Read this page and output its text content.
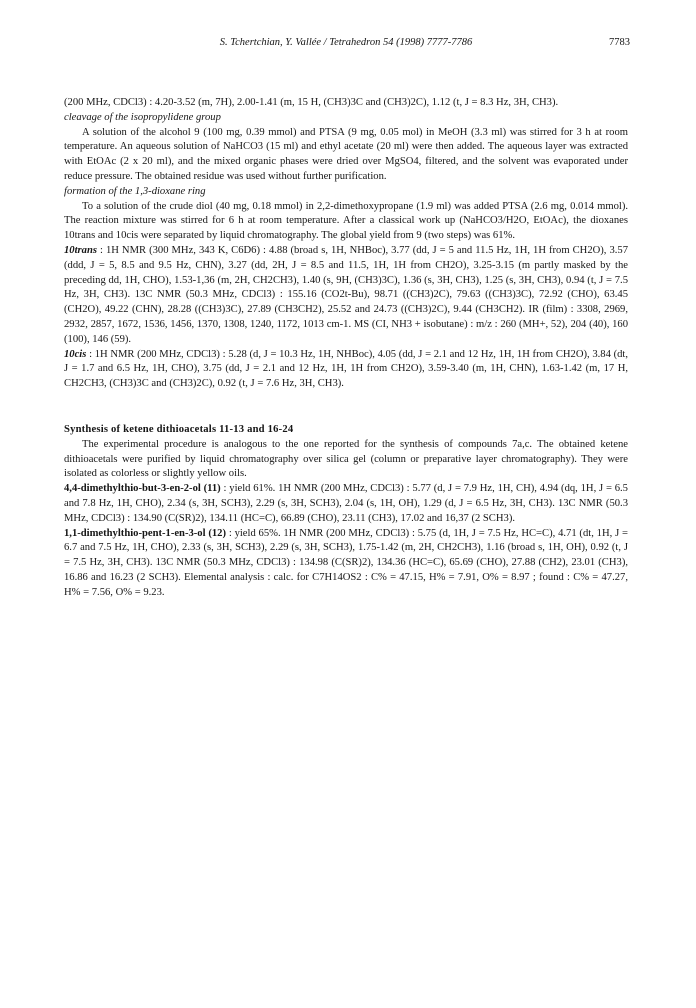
S. Tchertchian, Y. Vallée / Tetrahedron 54 (1998) 7777-7786	7783

(200 MHz, CDCl3) : 4.20-3.52 (m, 7H), 2.00-1.41 (m, 15 H, (CH3)3C and (CH3)2C), 1.12 (t, J = 8.3 Hz, 3H, CH3).

cleavage of the isopropylidene group

A solution of the alcohol 9 (100 mg, 0.39 mmol) and PTSA (9 mg, 0.05 mol) in MeOH (3.3 ml) was stirred for 3 h at room temperature. An aqueous solution of NaHCO3 (15 ml) and ethyl acetate (20 ml) were then added. The aqueous layer was extracted with EtOAc (2 x 20 ml), and the mixed organic phases were dried over MgSO4, filtered, and the solvent was evaporated under reduce pressure. The obtained residue was used without further purification.

formation of the 1,3-dioxane ring

To a solution of the crude diol (40 mg, 0.18 mmol) in 2,2-dimethoxypropane (1.9 ml) was added PTSA (2.6 mg, 0.014 mmol). The reaction mixture was stirred for 6 h at room temperature. After a classical work up (NaHCO3/H2O, EtOAc), the dioxanes 10trans and 10cis were separated by liquid chromatography. The global yield from 9 (two steps) was 61%.

10trans : 1H NMR (300 MHz, 343 K, C6D6) : 4.88 (broad s, 1H, NHBoc), 3.77 (dd, J = 5 and 11.5 Hz, 1H, 1H from CH2O), 3.57 (ddd, J = 5, 8.5 and 9.5 Hz, CHN), 3.27 (dd, 2H, J = 8.5 and 11.5, 1H, 1H from CH2O), 3.25-3.15 (m partly masked by the preceding dd, 1H, CHO), 1.53-1,36 (m, 2H, CH2CH3), 1.40 (s, 9H, (CH3)3C), 1.36 (s, 3H, CH3), 1.25 (s, 3H, CH3), 0.94 (t, J = 7.5 Hz, 3H, CH3). 13C NMR (50.3 MHz, CDCl3) : 155.16 (CO2t-Bu), 98.71 ((CH3)2C), 79.63 ((CH3)3C), 72.92 (CHO), 63.45 (CH2O), 49.22 (CHN), 28.28 ((CH3)3C), 27.89 (CH3CH2), 25.52 and 24.73 ((CH3)2C), 9.44 (CH3CH2). IR (film) : 3308, 2969, 2932, 2857, 1672, 1536, 1456, 1370, 1308, 1240, 1172, 1013 cm-1. MS (CI, NH3 + isobutane) : m/z : 260 (MH+, 52), 204 (40), 160 (100), 146 (59).

10cis : 1H NMR (200 MHz, CDCl3) : 5.28 (d, J = 10.3 Hz, 1H, NHBoc), 4.05 (dd, J = 2.1 and 12 Hz, 1H, 1H from CH2O), 3.84 (dt, J = 1.7 and 6.5 Hz, 1H, CHO), 3.75 (dd, J = 2.1 and 12 Hz, 1H, 1H from CH2O), 3.59-3.40 (m, 1H, CHN), 1.63-1.42 (m, 17 H, CH2CH3, (CH3)3C and (CH3)2C), 0.92 (t, J = 7.6 Hz, 3H, CH3).

Synthesis of ketene dithioacetals 11-13 and 16-24

The experimental procedure is analogous to the one reported for the synthesis of compounds 7a,c. The obtained ketene dithioacetals were purified by liquid chromatography over silica gel (column or preparative layer chromatography). They were isolated as colorless or slightly yellow oils.

4,4-dimethylthio-but-3-en-2-ol (11) : yield 61%. 1H NMR (200 MHz, CDCl3) : 5.77 (d, J = 7.9 Hz, 1H, CH), 4.94 (dq, 1H, J = 6.5 and 7.8 Hz, 1H, CHO), 2.34 (s, 3H, SCH3), 2.29 (s, 3H, SCH3), 2.04 (s, 1H, OH), 1.29 (d, J = 6.5 Hz, 3H, CH3). 13C NMR (50.3 MHz, CDCl3) : 134.90 (C(SR)2), 134.11 (HC=C), 66.89 (CHO), 23.11 (CH3), 17.02 and 16,37 (2 SCH3).

1,1-dimethylthio-pent-1-en-3-ol (12) : yield 65%. 1H NMR (200 MHz, CDCl3) : 5.75 (d, 1H, J = 7.5 Hz, HC=C), 4.71 (dt, 1H, J = 6.7 and 7.5 Hz, 1H, CHO), 2.33 (s, 3H, SCH3), 2.29 (s, 3H, SCH3), 1.75-1.42 (m, 2H, CH2CH3), 1.16 (broad s, 1H, OH), 0.92 (t, J = 7.5 Hz, 3H, CH3). 13C NMR (50.3 MHz, CDCl3) : 134.98 (C(SR)2), 134.36 (HC=C), 65.69 (CHO), 27.88 (CH2), 23.01 (CH3), 16.86 and 16.23 (2 SCH3). Elemental analysis : calc. for C7H14OS2 : C% = 47.15, H% = 7.91, O% = 8.97 ; found : C% = 47.27, H% = 7.56, O% = 9.23.
